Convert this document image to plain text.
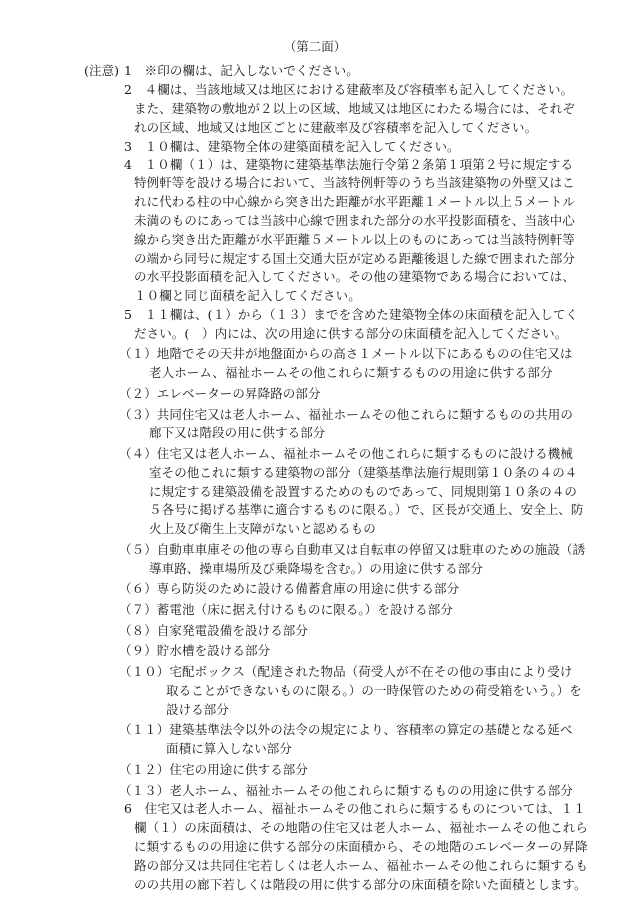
（第二面）
(注意) 1　※印の欄は、記入しないでください。
2　４欄は、当該地域又は地区における建蔽率及び容積率も記入してください。
また、建築物の敷地が２以上の区域、地域又は地区にわたる場合には、それぞ
れの区域、地域又は地区ごとに建蔽率及び容積率を記入してください。
3　１０欄は、建築物全体の建築面積を記入してください。
4　１０欄（１）は、建築物に建築基準法施行令第２条第１項第２号に規定する
特例軒等を設ける場合において、当該特例軒等のうち当該建築物の外壁又はこ
れに代わる柱の中心線から突き出た距離が水平距離１メートル以上５メートル
未満のものにあっては当該中心線で囲まれた部分の水平投影面積を、当該中心
線から突き出た距離が水平距離５メートル以上のものにあっては当該特例軒等
の端から同号に規定する国土交通大臣が定める距離後退した線で囲まれた部分
の水平投影面積を記入してください。その他の建築物である場合においては、
１０欄と同じ面積を記入してください。
5　１１欄は、(１）から（１３）までを含めた建築物全体の床面積を記入してく
ださい。(　）内には、次の用途に供する部分の床面積を記入してください。
（１）地階でその天井が地盤面からの高さ１メートル以下にあるものの住宅又は
老人ホーム、福祉ホームその他これらに類するものの用途に供する部分
（２）エレベーターの昇降路の部分
（３）共同住宅又は老人ホーム、福祉ホームその他これらに類するものの共用の
廊下又は階段の用に供する部分
（４）住宅又は老人ホーム、福祉ホームその他これらに類するものに設ける機械
室その他これに類する建築物の部分（建築基準法施行規則第１０条の４の４
に規定する建築設備を設置するためのものであって、同規則第１０条の４の
５各号に掲げる基準に適合するものに限る。）で、区長が交通上、安全上、防
火上及び衛生上支障がないと認めるもの
（５）自動車車庫その他の専ら自動車又は自転車の停留又は駐車のための施設（誘
導車路、操車場所及び乗降場を含む。）の用途に供する部分
（６）専ら防災のために設ける備蓄倉庫の用途に供する部分
（７）蓄電池（床に据え付けるものに限る。）を設ける部分
（８）自家発電設備を設ける部分
（９）貯水槽を設ける部分
（１０）宅配ボックス（配達された物品（荷受人が不在その他の事由により受け
取ることができないものに限る。）の一時保管のための荷受箱をいう。）を
設ける部分
（１１）建築基準法令以外の法令の規定により、容積率の算定の基礎となる延べ
面積に算入しない部分
（１２）住宅の用途に供する部分
（１３）老人ホーム、福祉ホームその他これらに類するものの用途に供する部分
6　住宅又は老人ホーム、福祉ホームその他これらに類するものについては、１１
欄（１）の床面積は、その地階の住宅又は老人ホーム、福祉ホームその他これら
に類するものの用途に供する部分の床面積から、その地階のエレベーターの昇降
路の部分又は共同住宅若しくは老人ホーム、福祉ホームその他これらに類するも
のの共用の廊下若しくは階段の用に供する部分の床面積を除いた面積とします。
